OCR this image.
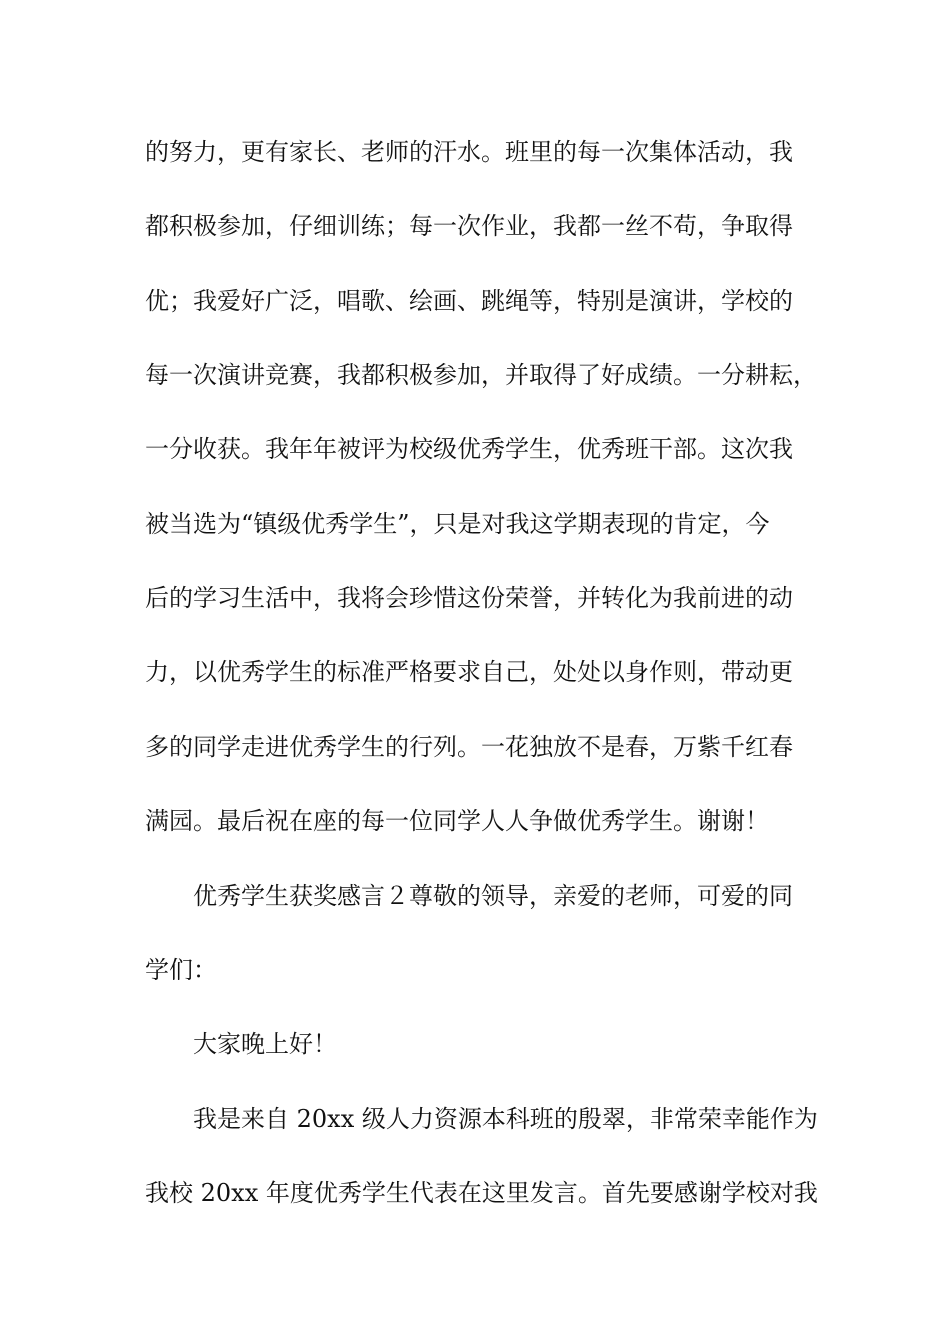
的努力，更有家长、老师的汗水。班里的每一次集体活动，我
都积极参加，仔细训练；每一次作业，我都一丝不苟，争取得
优；我爱好广泛，唱歌、绘画、跳绳等，特别是演讲，学校的
每一次演讲竞赛，我都积极参加，并取得了好成绩。一分耕耘，
一分收获。我年年被评为校级优秀学生，优秀班干部。这次我
被当选为“镇级优秀学生”，只是对我这学期表现的肯定，今
后的学习生活中，我将会珍惜这份荣誉，并转化为我前进的动
力，以优秀学生的标准严格要求自己，处处以身作则，带动更
多的同学走进优秀学生的行列。一花独放不是春，万紫千红春
满园。最后祝在座的每一位同学人人争做优秀学生。谢谢！
优秀学生获奖感言２尊敬的领导，亲爱的老师，可爱的同
学们：
大家晚上好！
我是来自 20xx 级人力资源本科班的殷翠，非常荣幸能作为
我校 20xx 年度优秀学生代表在这里发言。首先要感谢学校对我
